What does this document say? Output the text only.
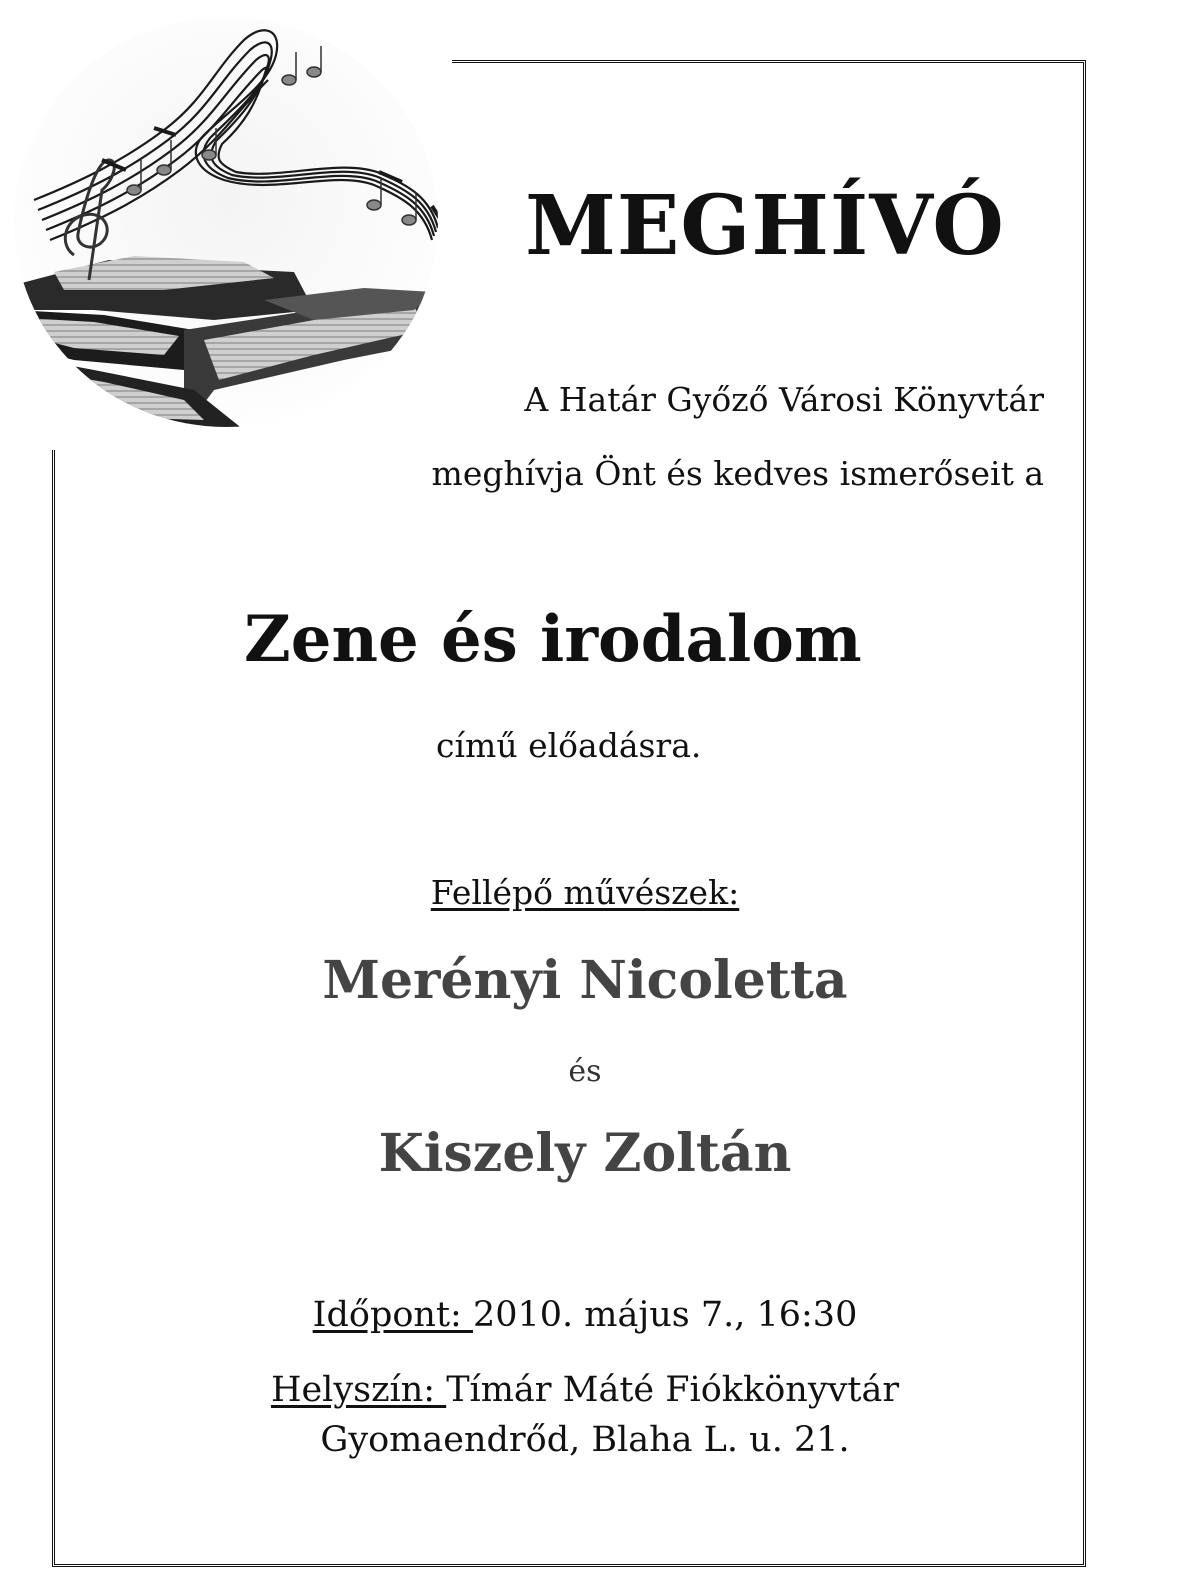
MEGHÍVÓ
A Határ Győző Városi Könyvtár
meghívja Önt és kedves ismerőseit a
Zene és irodalom
című előadásra.
Fellépő művészek:
Merényi Nicoletta
és
Kiszely Zoltán
Időpont: 2010. május 7., 16:30
Helyszín: Tímár Máté Fiókkönyvtár
Gyomaendrőd, Blaha L. u. 21.
